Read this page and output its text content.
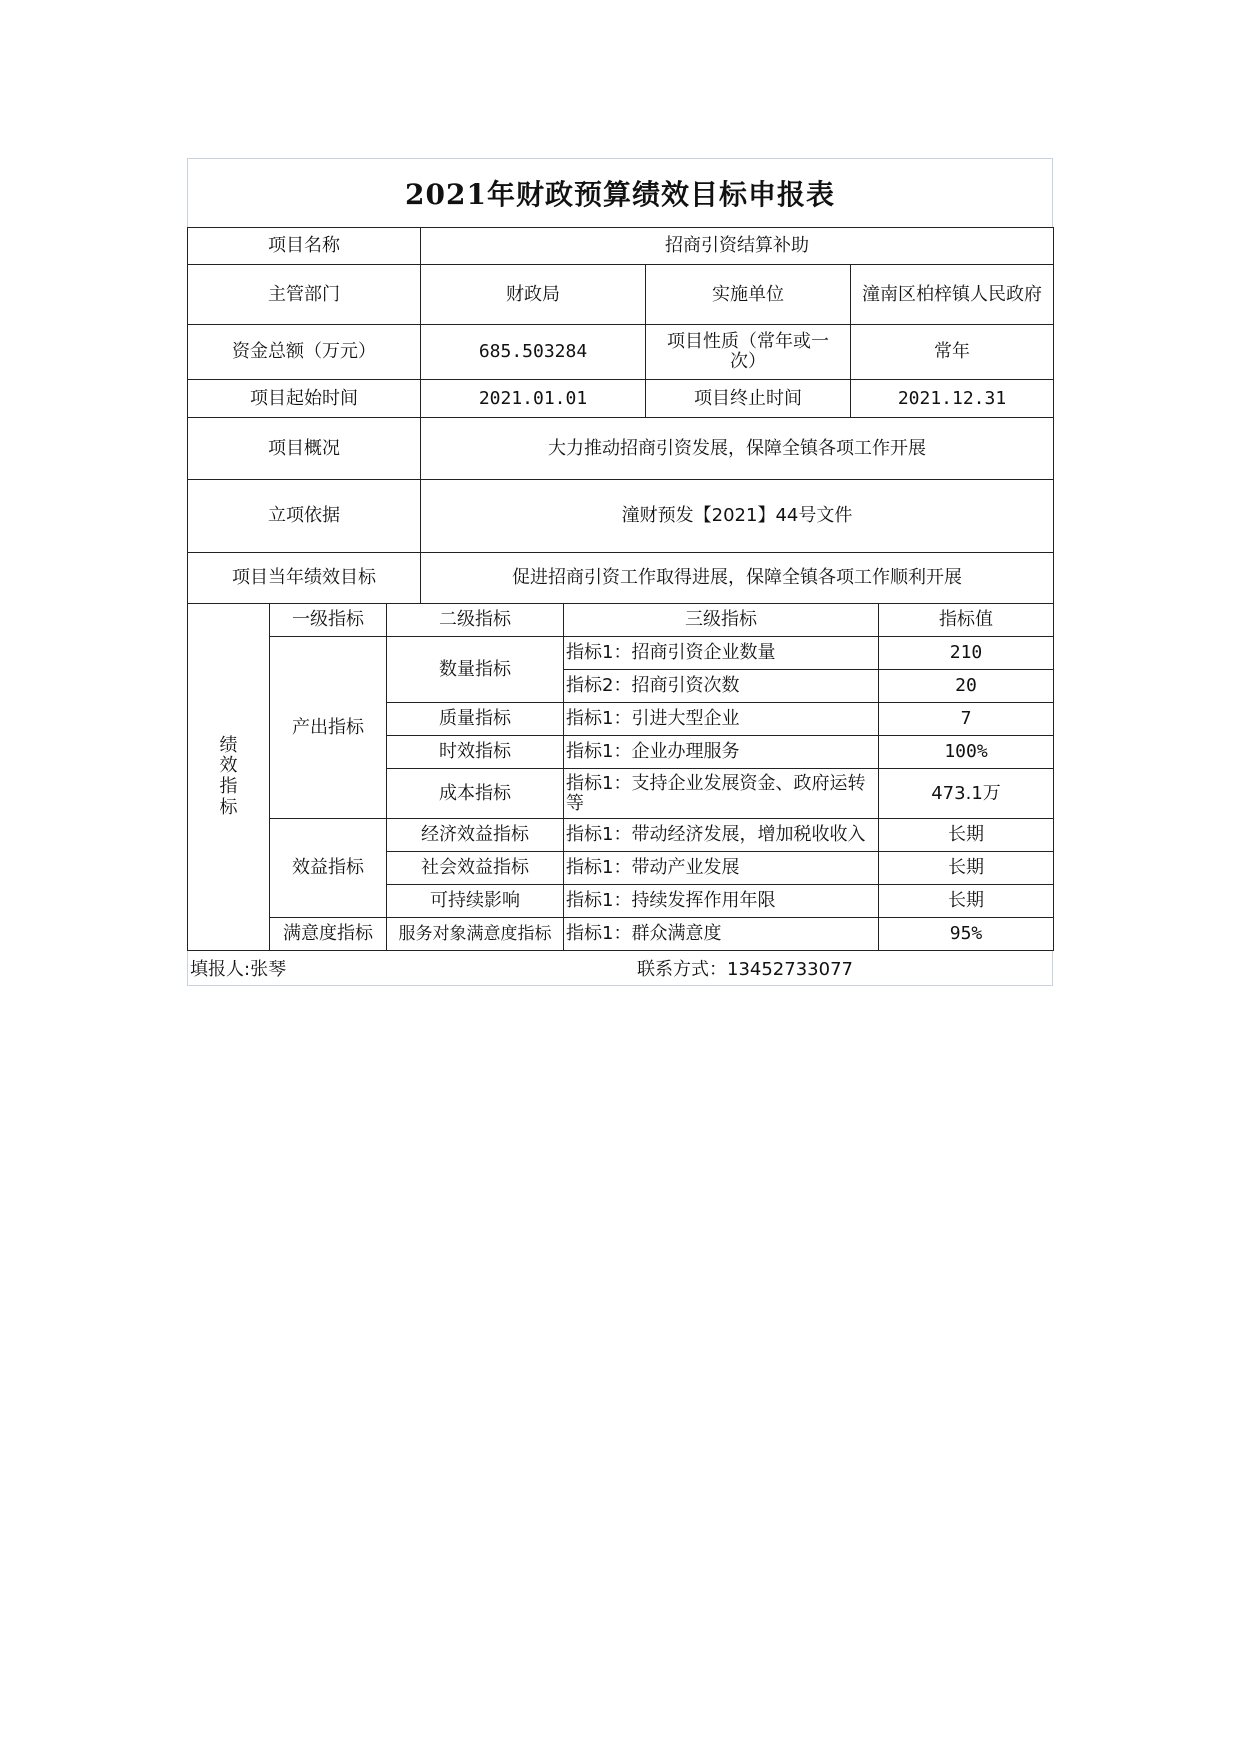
2021年财政预算绩效目标申报表
项目名称	招商引资结算补助		
主管部门	财政局	实施单位	潼南区柏梓镇人民政府
资金总额（万元）	685.503284	项目性质（常年或一次）	常年
项目起始时间	2021.01.01	项目终止时间	2021.12.31
项目概况	大力推动招商引资发展，保障全镇各项工作开展		
立项依据	潼财预发【2021】44号文件		
项目当年绩效目标	促进招商引资工作取得进展，保障全镇各项工作顺利开展		
绩效指标	一级指标	二级指标	三级指标	指标值
	产出指标	数量指标	指标1：招商引资企业数量	210
			指标2：招商引资次数	20
		质量指标	指标1：引进大型企业	7
		时效指标	指标1：企业办理服务	100%
		成本指标	指标1：支持企业发展资金、政府运转等	473.1万
	效益指标	经济效益指标	指标1：带动经济发展，增加税收收入	长期
		社会效益指标	指标1：带动产业发展	长期
		可持续影响	指标1：持续发挥作用年限	长期
	满意度指标	服务对象满意度指标	指标1：群众满意度	95%
填报人:张琴	联系方式：13452733077
